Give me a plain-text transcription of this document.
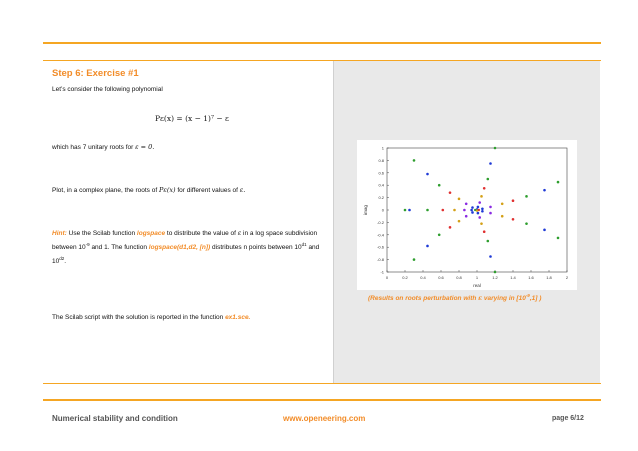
Step 6: Exercise #1
Let’s consider the following polynomial
Pε(x) = (x − 1)⁷ − ε
which has 7 unitary roots for ε = 0.
Plot, in a complex plane, the roots of Pε(x) for different values of ε.
Hint: Use the Scilab function logspace to distribute the value of ε in a log space subdivision between $10^{-9}$ and 1. The function logspace(d1,d2, [n]) distributes n points between $10^{d1}$ and $10^{d2}$.
The Scilab script with the solution is reported in the function ex1.sce.
0	0.2	0.4	0.6	0.8	1	1.2	1.4	1.6	1.8	2
1
0.8
0.6
0.4
0.2
0
-0.2
-0.4
-0.6
-0.8
-1
real
imag
(Results on roots perturbation with ε varying in $[10^{-9},1]$ )
Numerical stability and condition	www.openeering.com	page 6/12
